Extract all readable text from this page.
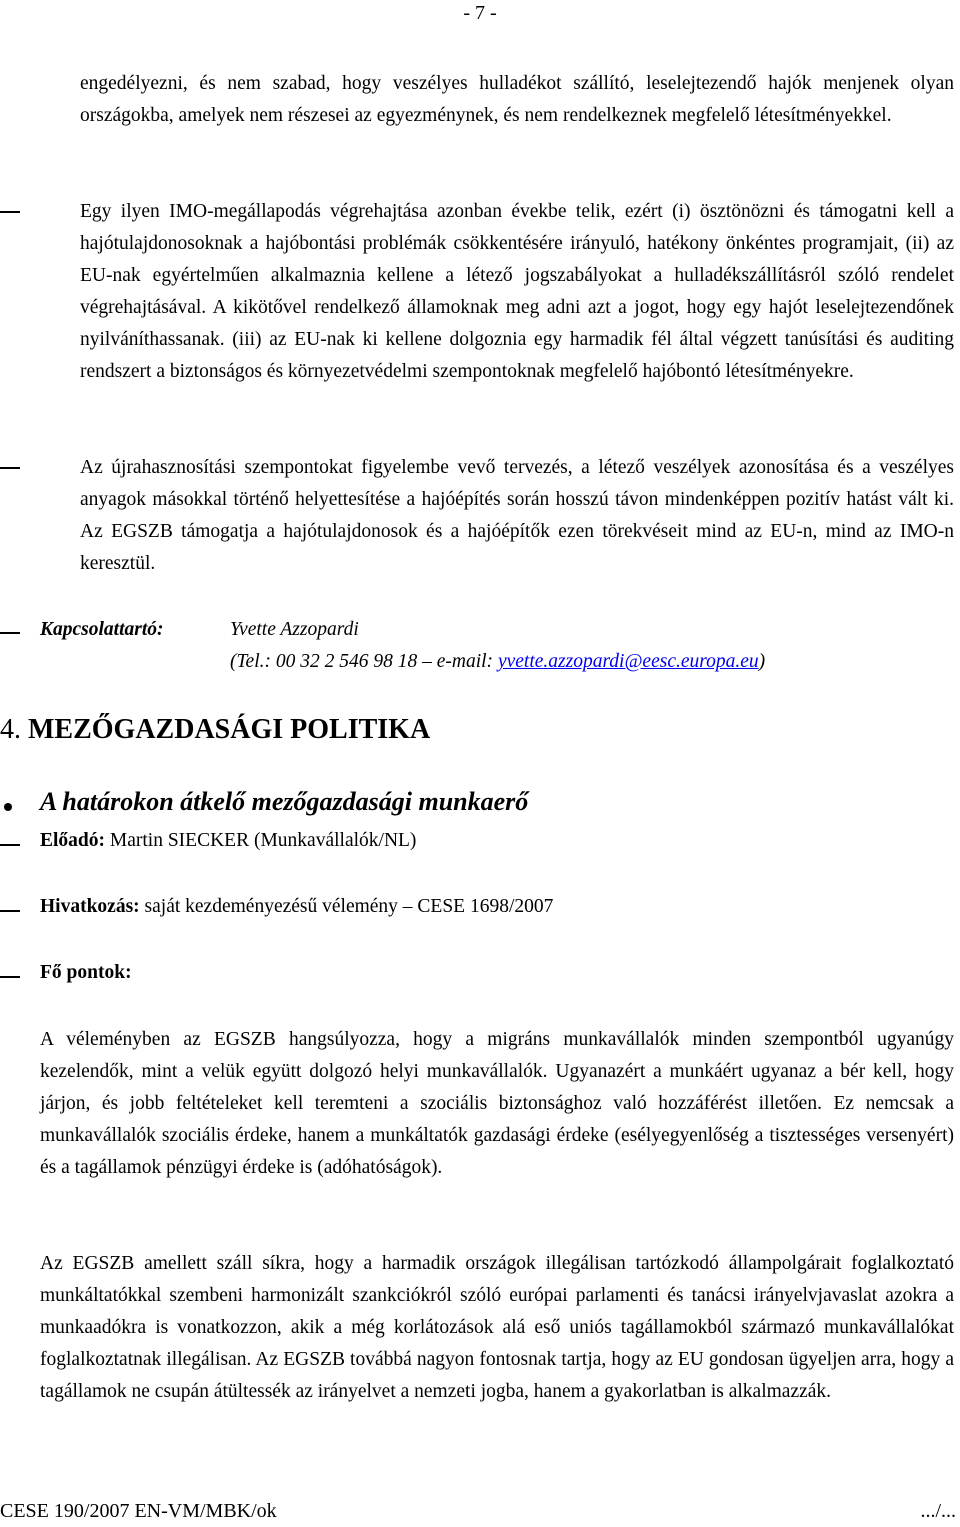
- 7 -
engedélyezni, és nem szabad, hogy veszélyes hulladékot szállító, leselejtezendő hajók menjenek olyan országokba, amelyek nem részesei az egyezménynek, és nem rendelkeznek megfelelő létesítményekkel.
Egy ilyen IMO-megállapodás végrehajtása azonban évekbe telik, ezért (i) ösztönözni és támogatni kell a hajótulajdonosoknak a hajóbontási problémák csökkentésére irányuló, hatékony önkéntes programjait, (ii) az EU-nak egyértelműen alkalmaznia kellene a létező jogszabályokat a hulladékszállításról szóló rendelet végrehajtásával. A kikötővel rendelkező államoknak meg adni azt a jogot, hogy egy hajót leselejtezendőnek nyilváníthassanak. (iii) az EU-nak ki kellene dolgoznia egy harmadik fél által végzett tanúsítási és auditing rendszert a biztonságos és környezetvédelmi szempontoknak megfelelő hajóbontó létesítményekre.
Az újrahasznosítási szempontokat figyelembe vevő tervezés, a létező veszélyek azonosítása és a veszélyes anyagok másokkal történő helyettesítése a hajóépítés során hosszú távon mindenképpen pozitív hatást vált ki. Az EGSZB támogatja a hajótulajdonosok és a hajóépítők ezen törekvéseit mind az EU-n, mind az IMO-n keresztül.
Kapcsolattartó:	Yvette Azzopardi
(Tel.: 00 32 2 546 98 18 – e-mail: yvette.azzopardi@eesc.europa.eu)
4. MEZŐGAZDASÁGI POLITIKA
A határokon átkelő mezőgazdasági munkaerő
Előadó: Martin SIECKER (Munkavállalók/NL)
Hivatkozás: saját kezdeményezésű vélemény – CESE 1698/2007
Fő pontok:
A véleményben az EGSZB hangsúlyozza, hogy a migráns munkavállalók minden szempontból ugyanúgy kezelendők, mint a velük együtt dolgozó helyi munkavállalók. Ugyanazért a munkáért ugyanaz a bér kell, hogy járjon, és jobb feltételeket kell teremteni a szociális biztonsághoz való hozzáférést illetően. Ez nemcsak a munkavállalók szociális érdeke, hanem a munkáltatók gazdasági érdeke (esélyegyenlőség a tisztességes versenyért) és a tagállamok pénzügyi érdeke is (adóhatóságok).
Az EGSZB amellett száll síkra, hogy a harmadik országok illegálisan tartózkodó állampolgárait foglalkoztató munkáltatókkal szembeni harmonizált szankciókról szóló európai parlamenti és tanácsi irányelvjavaslat azokra a munkaadókra is vonatkozzon, akik a még korlátozások alá eső uniós tagállamokból származó munkavállalókat foglalkoztatnak illegálisan. Az EGSZB továbbá nagyon fontosnak tartja, hogy az EU gondosan ügyeljen arra, hogy a tagállamok ne csupán átültessék az irányelvet a nemzeti jogba, hanem a gyakorlatban is alkalmazzák.
CESE 190/2007 EN-VM/MBK/ok	.../...
